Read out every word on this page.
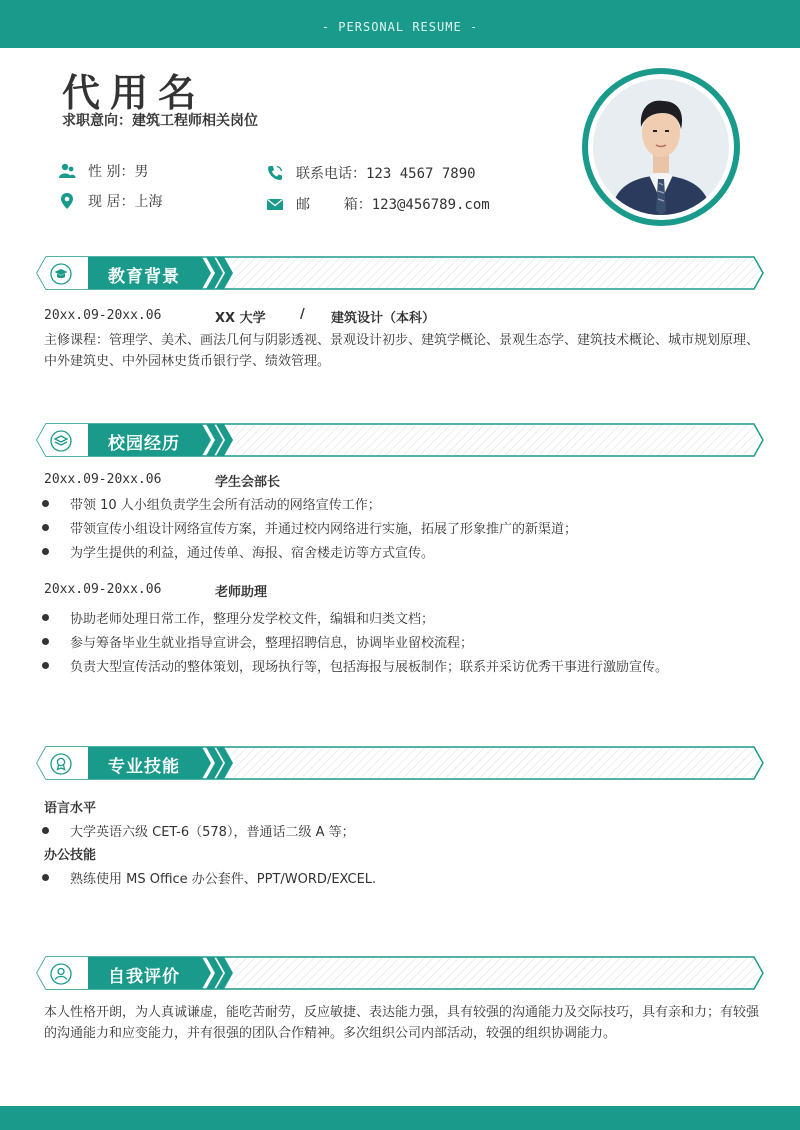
- PERSONAL RESUME -
代用名
求职意向：建筑工程师相关岗位
性 别：男
现 居：上海
联系电话：123 4567 7890
邮    箱：123@456789.com
教育背景
20xx.09-20xx.06	XX 大学	/ 建筑设计（本科）
主修课程：管理学、美术、画法几何与阴影透视、景观设计初步、建筑学概论、景观生态学、建筑技术概论、城市规划原理、中外建筑史、中外园林史货币银行学、绩效管理。
校园经历
20xx.09-20xx.06	学生会部长
带领 10 人小组负责学生会所有活动的网络宣传工作；
带领宣传小组设计网络宣传方案，并通过校内网络进行实施，拓展了形象推广的新渠道；
为学生提供的利益，通过传单、海报、宿舍楼走访等方式宣传。
20xx.09-20xx.06	老师助理
协助老师处理日常工作，整理分发学校文件，编辑和归类文档；
参与筹备毕业生就业指导宣讲会，整理招聘信息，协调毕业留校流程；
负责大型宣传活动的整体策划，现场执行等，包括海报与展板制作；联系并采访优秀干事进行激励宣传。
专业技能
语言水平
大学英语六级 CET-6（578），普通话二级 A 等；
办公技能
熟练使用 MS Office 办公套件、PPT/WORD/EXCEL.
自我评价
本人性格开朗，为人真诚谦虚，能吃苦耐劳，反应敏捷、表达能力强，具有较强的沟通能力及交际技巧，具有亲和力；有较强的沟通能力和应变能力，并有很强的团队合作精神。多次组织公司内部活动，较强的组织协调能力。
